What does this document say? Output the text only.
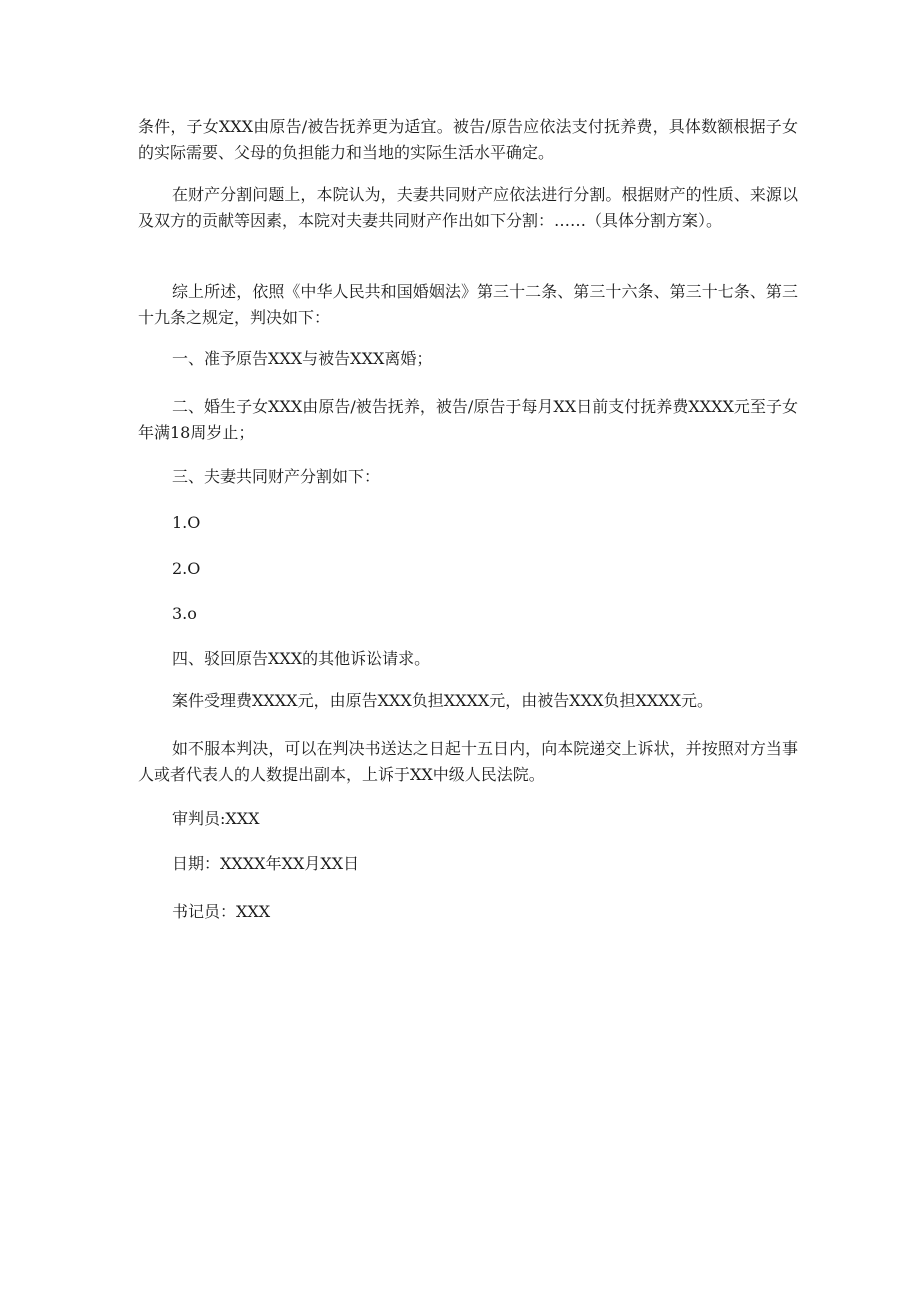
条件，子女XXX由原告/被告抚养更为适宜。被告/原告应依法支付抚养费，具体数额根据子女的实际需要、父母的负担能力和当地的实际生活水平确定。

在财产分割问题上，本院认为，夫妻共同财产应依法进行分割。根据财产的性质、来源以及双方的贡献等因素，本院对夫妻共同财产作出如下分割：……（具体分割方案）。

综上所述，依照《中华人民共和国婚姻法》第三十二条、第三十六条、第三十七条、第三十九条之规定，判决如下：

一、准予原告XXX与被告XXX离婚；

二、婚生子女XXX由原告/被告抚养，被告/原告于每月XX日前支付抚养费XXXX元至子女年满18周岁止；

三、夫妻共同财产分割如下：

1.O

2.O

3.o

四、驳回原告XXX的其他诉讼请求。

案件受理费XXXX元，由原告XXX负担XXXX元，由被告XXX负担XXXX元。

如不服本判决，可以在判决书送达之日起十五日内，向本院递交上诉状，并按照对方当事人或者代表人的人数提出副本，上诉于XX中级人民法院。

审判员:XXX

日期：XXXX年XX月XX日

书记员：XXX
